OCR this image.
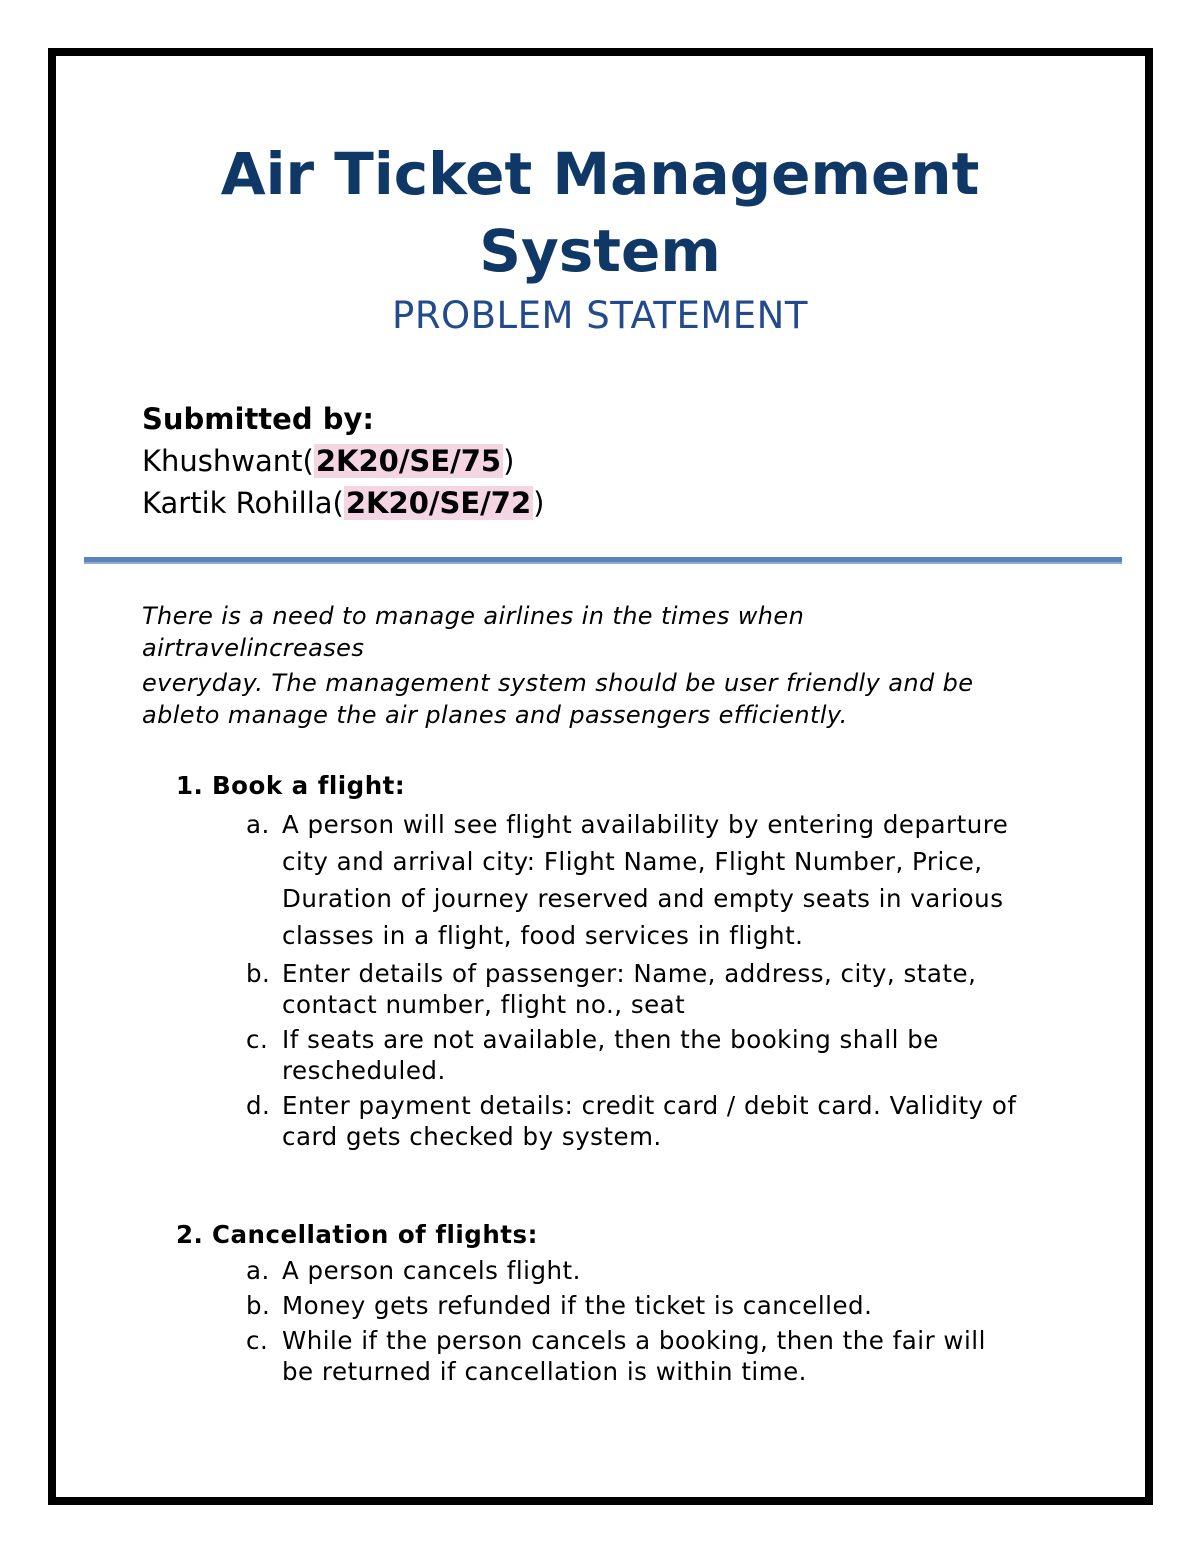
Air Ticket Management
System
PROBLEM STATEMENT
Submitted by:
Khushwant(2K20/SE/75)
Kartik Rohilla(2K20/SE/72)

There is a need to manage airlines in the times when airtravelincreases

everyday. The management system should be user friendly and be ableto manage the air planes and passengers efficiently.

1. Book a flight:
a. A person will see flight availability by entering departure city and arrival city: Flight Name, Flight Number, Price, Duration of journey reserved and empty seats in various classes in a flight, food services in flight.
b. Enter details of passenger: Name, address, city, state, contact number, flight no., seat
c. If seats are not available, then the booking shall be rescheduled.
d. Enter payment details: credit card / debit card. Validity of card gets checked by system.
2. Cancellation of flights:
a. A person cancels flight.
b. Money gets refunded if the ticket is cancelled.
c. While if the person cancels a booking, then the fair will be returned if cancellation is within time.
